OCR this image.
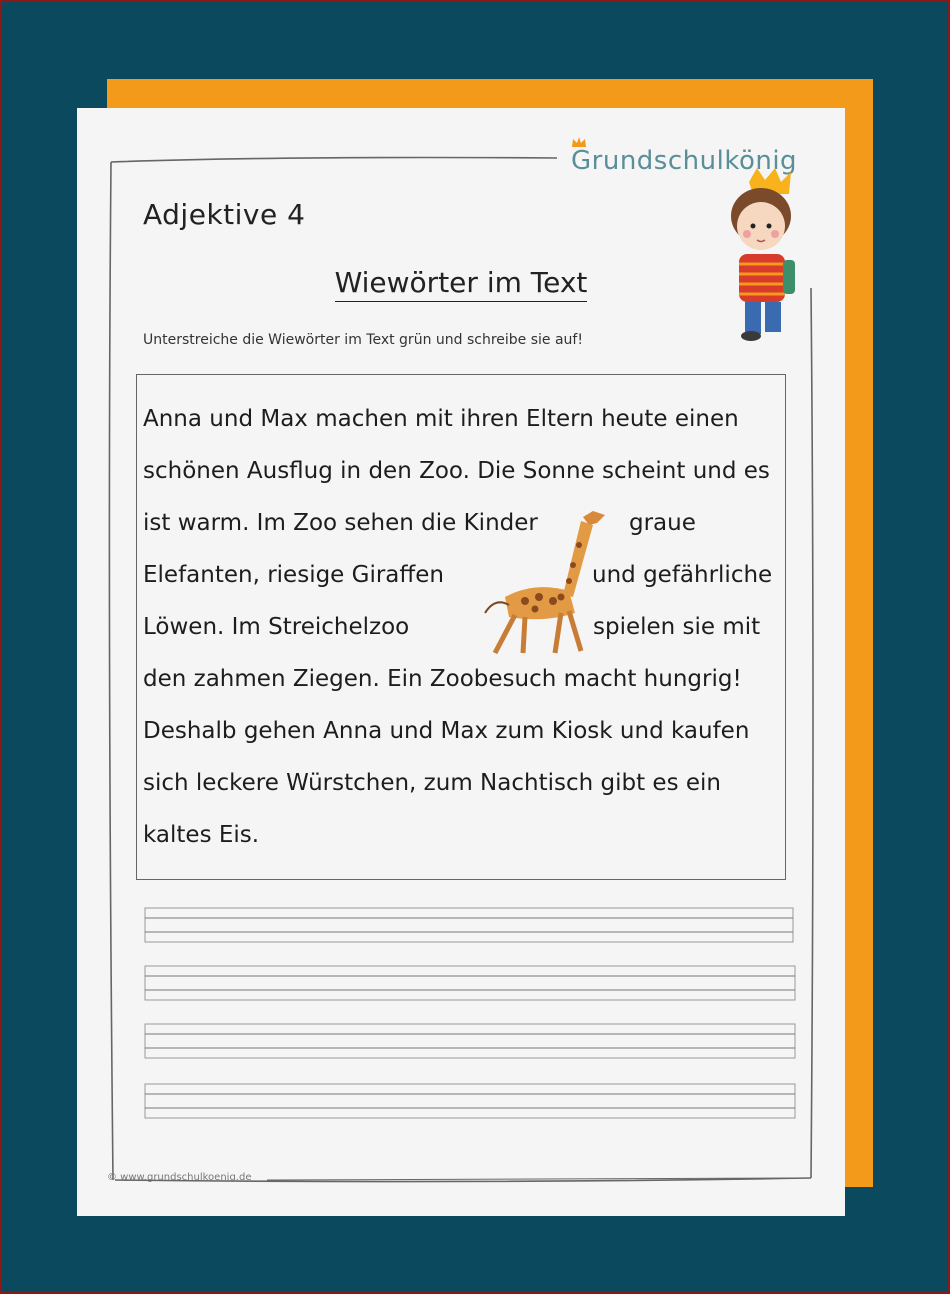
Grundschulkönig
Adjektive 4
Wiewörter im Text
Unterstreiche die Wiewörter im Text grün und schreibe sie auf!
Anna und Max machen mit ihren Eltern heute einen
schönen Ausflug in den Zoo. Die Sonne scheint und es
ist warm. Im Zoo sehen die Kinder	graue
Elefanten, riesige Giraffen	und gefährliche
Löwen. Im Streichelzoo	spielen sie mit
den zahmen Ziegen. Ein Zoobesuch macht hungrig!
Deshalb gehen Anna und Max zum Kiosk und kaufen
sich leckere Würstchen, zum Nachtisch gibt es ein
kaltes Eis.
© www.grundschulkoenig.de
